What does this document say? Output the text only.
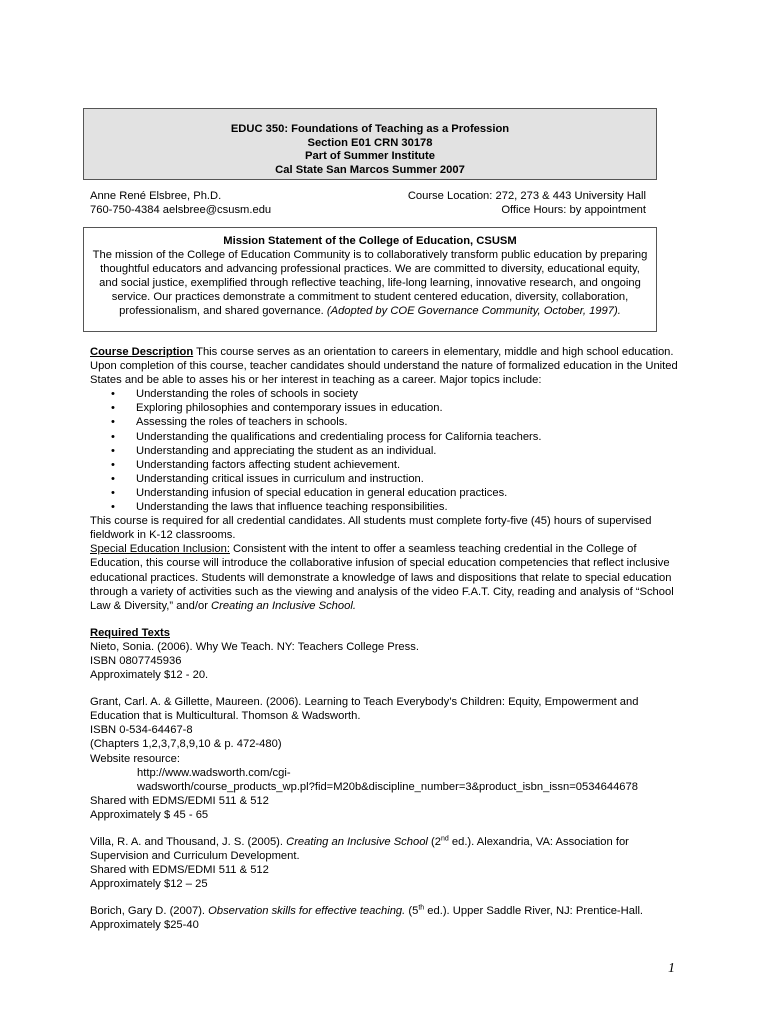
EDUC 350: Foundations of Teaching as a Profession
Section E01 CRN 30178
Part of Summer Institute
Cal State San Marcos Summer 2007
Anne René Elsbree, Ph.D.	Course Location: 272, 273 & 443 University Hall
760-750-4384 aelsbree@csusm.edu	Office Hours: by appointment
Mission Statement of the College of Education, CSUSM

The mission of the College of Education Community is to collaboratively transform public education by preparing thoughtful educators and advancing professional practices. We are committed to diversity, educational equity, and social justice, exemplified through reflective teaching, life-long learning, innovative research, and ongoing service. Our practices demonstrate a commitment to student centered education, diversity, collaboration, professionalism, and shared governance. (Adopted by COE Governance Community, October, 1997).

Course Description This course serves as an orientation to careers in elementary, middle and high school education. Upon completion of this course, teacher candidates should understand the nature of formalized education in the United States and be able to asses his or her interest in teaching as a career. Major topics include:

• Understanding the roles of schools in society
• Exploring philosophies and contemporary issues in education.
• Assessing the roles of teachers in schools.
• Understanding the qualifications and credentialing process for California teachers.
• Understanding and appreciating the student as an individual.
• Understanding factors affecting student achievement.
• Understanding critical issues in curriculum and instruction.
• Understanding infusion of special education in general education practices.
• Understanding the laws that influence teaching responsibilities.

This course is required for all credential candidates. All students must complete forty-five (45) hours of supervised fieldwork in K-12 classrooms.

Special Education Inclusion: Consistent with the intent to offer a seamless teaching credential in the College of Education, this course will introduce the collaborative infusion of special education competencies that reflect inclusive educational practices. Students will demonstrate a knowledge of laws and dispositions that relate to special education through a variety of activities such as the viewing and analysis of the video F.A.T. City, reading and analysis of “School Law & Diversity,” and/or Creating an Inclusive School.

Required Texts

Nieto, Sonia. (2006). Why We Teach. NY: Teachers College Press.

ISBN 0807745936

Approximately $12 - 20.

Grant, Carl. A. & Gillette, Maureen. (2006). Learning to Teach Everybody’s Children: Equity, Empowerment and Education that is Multicultural. Thomson & Wadsworth.

ISBN 0-534-64467-8

(Chapters 1,2,3,7,8,9,10 & p. 472-480)

Website resource:

http://www.wadsworth.com/cgi-

wadsworth/course_products_wp.pl?fid=M20b&discipline_number=3&product_isbn_issn=0534644678

Shared with EDMS/EDMI 511 & 512

Approximately $ 45 - 65

Villa, R. A. and Thousand, J. S. (2005). Creating an Inclusive School (2nd ed.). Alexandria, VA: Association for Supervision and Curriculum Development.

Shared with EDMS/EDMI 511 & 512

Approximately $12 – 25

Borich, Gary D. (2007). Observation skills for effective teaching. (5th ed.). Upper Saddle River, NJ: Prentice-Hall.

Approximately $25-40

1
